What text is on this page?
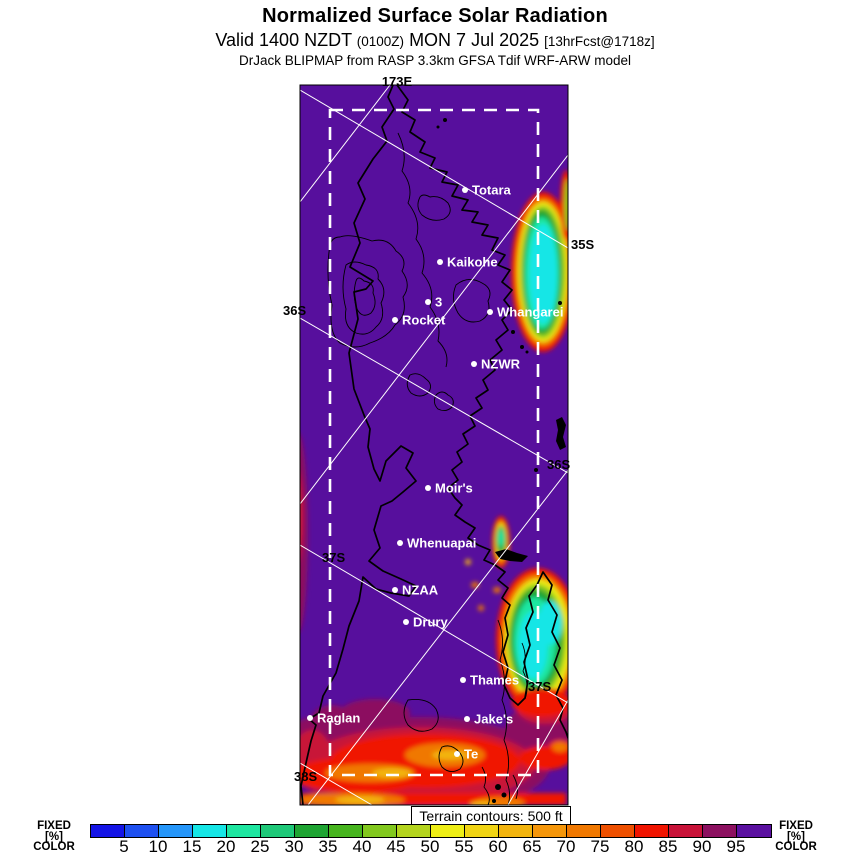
Normalized Surface Solar Radiation
Valid 1400 NZDT (0100Z) MON 7 Jul 2025 [13hrFcst@1718z]
DrJack BLIPMAP from RASP 3.3km GFSA Tdif WRF-ARW model
Totara
Kaikohe
3
Rocket
Whangarei
NZWR
Moir's
Whenuapai
NZAA
Drury
Thames
Jake's
Raglan
Te
173E
35S
36S
36S
37S
37S
38S
Terrain contours: 500 ft
FIXED
[%]
COLOR	5 10 15 20 25 30 35 40 45 50 55 60 65 70 75 80 85 90 95
FIXED
[%]
COLOR
